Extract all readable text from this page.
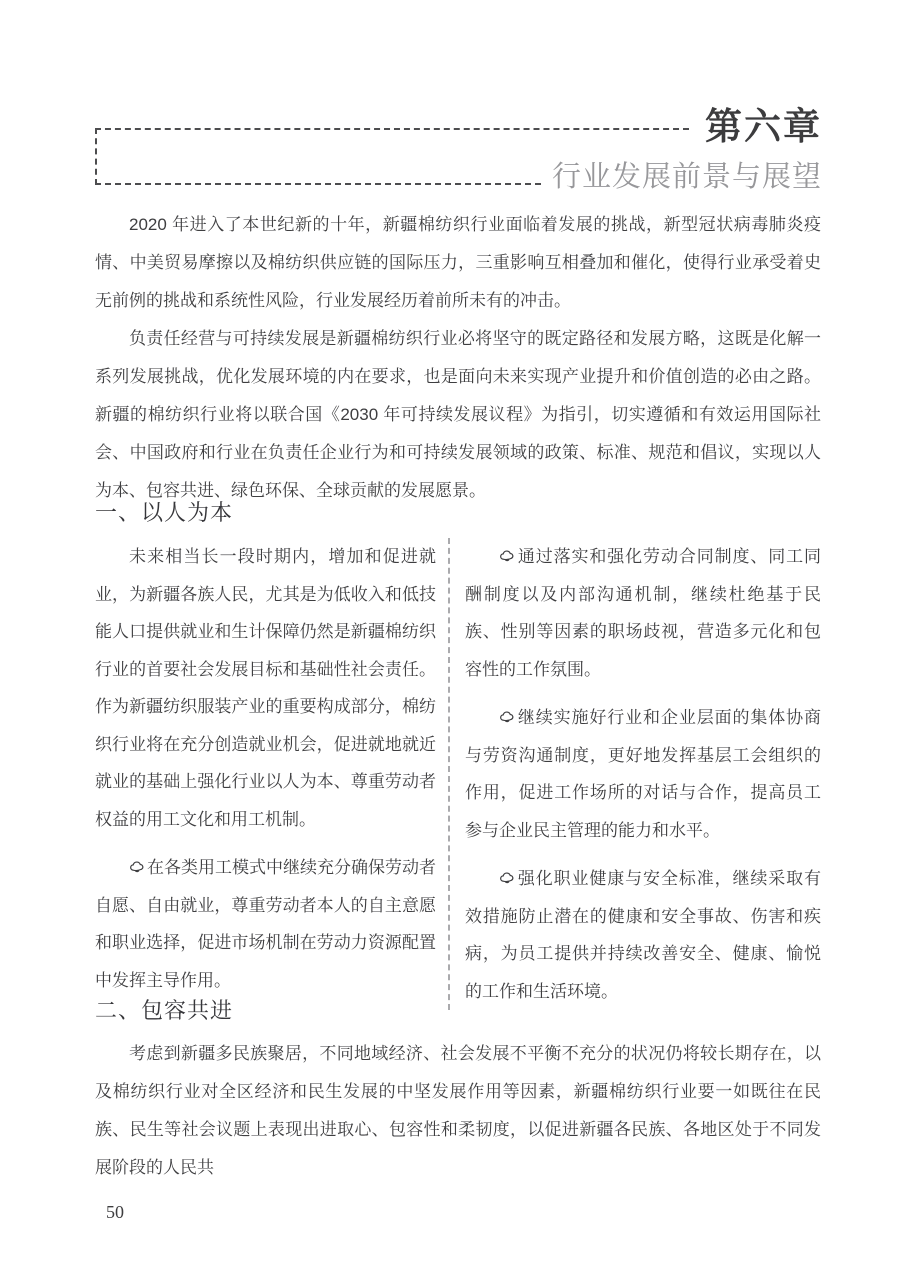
第六章
行业发展前景与展望

2020 年进入了本世纪新的十年，新疆棉纺织行业面临着发展的挑战，新型冠状病毒肺炎疫情、中美贸易摩擦以及棉纺织供应链的国际压力，三重影响互相叠加和催化，使得行业承受着史无前例的挑战和系统性风险，行业发展经历着前所未有的冲击。

负责任经营与可持续发展是新疆棉纺织行业必将坚守的既定路径和发展方略，这既是化解一系列发展挑战，优化发展环境的内在要求，也是面向未来实现产业提升和价值创造的必由之路。新疆的棉纺织行业将以联合国《2030 年可持续发展议程》为指引，切实遵循和有效运用国际社会、中国政府和行业在负责任企业行为和可持续发展领域的政策、标准、规范和倡议，实现以人为本、包容共进、绿色环保、全球贡献的发展愿景。

一、以人为本

未来相当长一段时期内，增加和促进就业，为新疆各族人民，尤其是为低收入和低技能人口提供就业和生计保障仍然是新疆棉纺织行业的首要社会发展目标和基础性社会责任。作为新疆纺织服装产业的重要构成部分，棉纺织行业将在充分创造就业机会，促进就地就近就业的基础上强化行业以人为本、尊重劳动者权益的用工文化和用工机制。

在各类用工模式中继续充分确保劳动者自愿、自由就业，尊重劳动者本人的自主意愿和职业选择，促进市场机制在劳动力资源配置中发挥主导作用。

通过落实和强化劳动合同制度、同工同酬制度以及内部沟通机制，继续杜绝基于民族、性别等因素的职场歧视，营造多元化和包容性的工作氛围。

继续实施好行业和企业层面的集体协商与劳资沟通制度，更好地发挥基层工会组织的作用，促进工作场所的对话与合作，提高员工参与企业民主管理的能力和水平。

强化职业健康与安全标准，继续采取有效措施防止潜在的健康和安全事故、伤害和疾病，为员工提供并持续改善安全、健康、愉悦的工作和生活环境。

二、包容共进

考虑到新疆多民族聚居，不同地域经济、社会发展不平衡不充分的状况仍将较长期存在，以及棉纺织行业对全区经济和民生发展的中坚发展作用等因素，新疆棉纺织行业要一如既往在民族、民生等社会议题上表现出进取心、包容性和柔韧度，以促进新疆各民族、各地区处于不同发展阶段的人民共

50
